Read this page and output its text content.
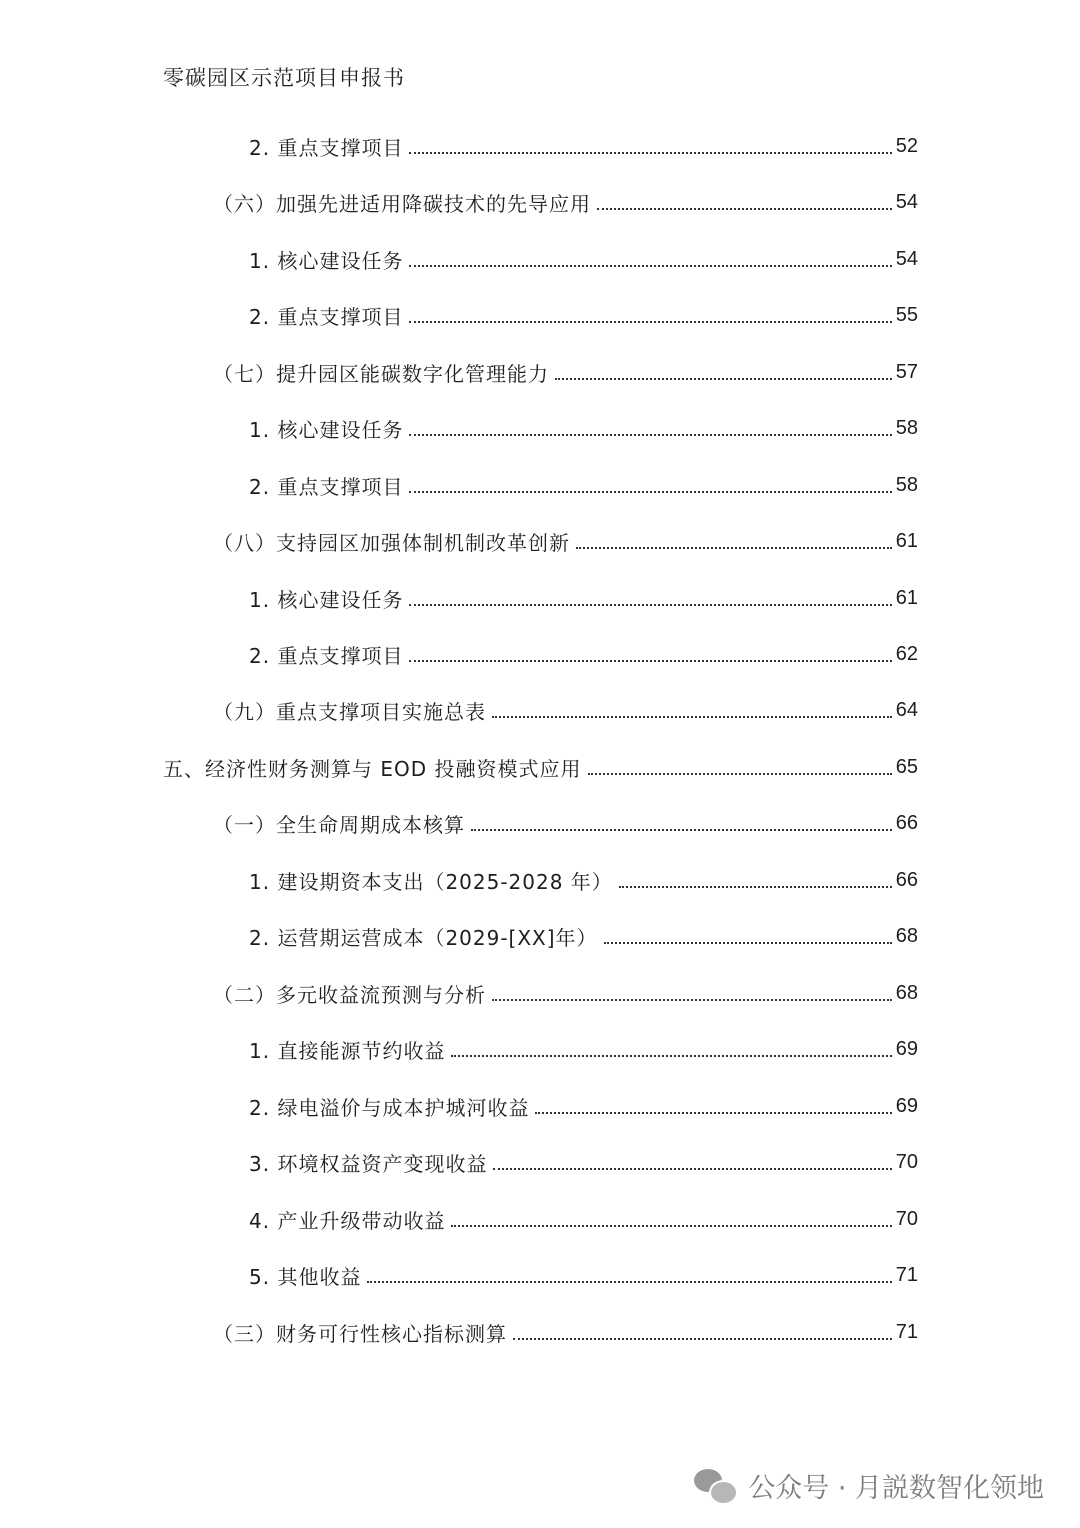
零碳园区示范项目申报书
2. 重点支撑项目	52
（六）加强先进适用降碳技术的先导应用	54
1. 核心建设任务	54
2. 重点支撑项目	55
（七）提升园区能碳数字化管理能力	57
1. 核心建设任务	58
2. 重点支撑项目	58
（八）支持园区加强体制机制改革创新	61
1. 核心建设任务	61
2. 重点支撑项目	62
（九）重点支撑项目实施总表	64
五、经济性财务测算与 EOD 投融资模式应用	65
（一）全生命周期成本核算	66
1. 建设期资本支出（2025-2028 年）	66
2. 运营期运营成本（2029-[XX]年）	68
（二）多元收益流预测与分析	68
1. 直接能源节约收益	69
2. 绿电溢价与成本护城河收益	69
3. 环境权益资产变现收益	70
4. 产业升级带动收益	70
5. 其他收益	71
（三）财务可行性核心指标测算	71
公众号 · 月説数智化领地
